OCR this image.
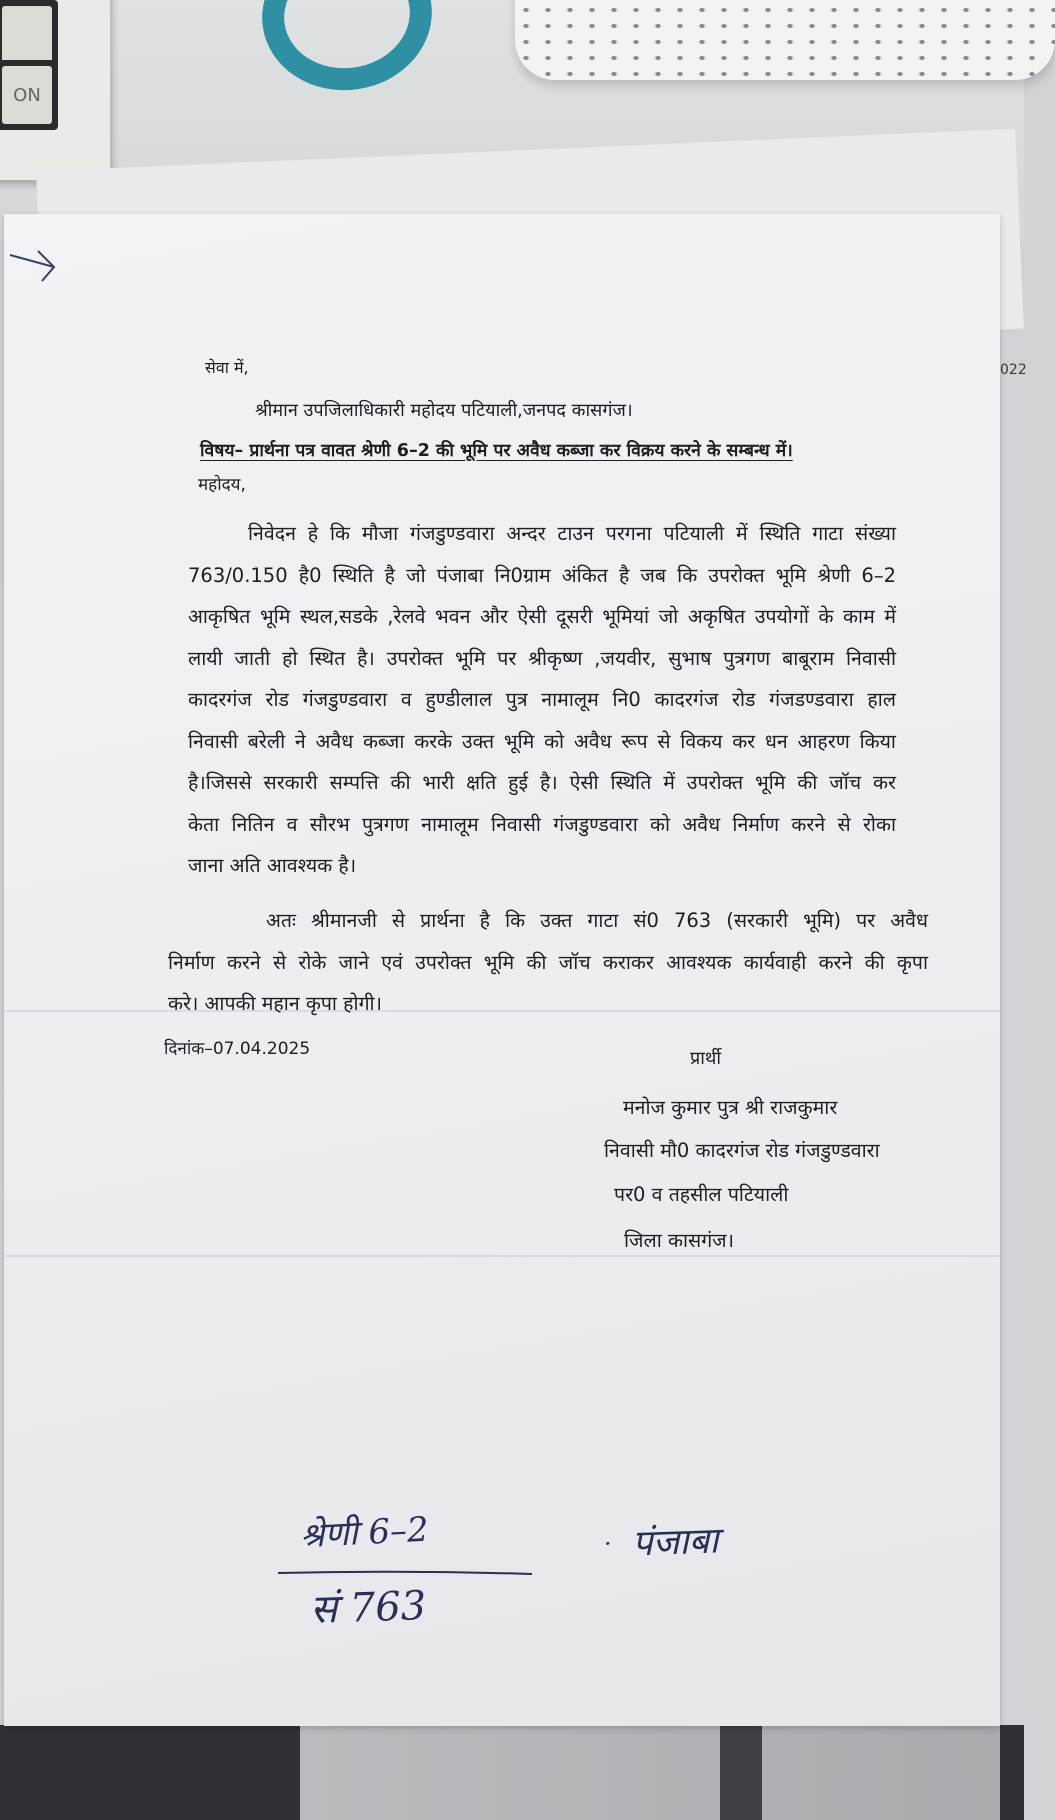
ON
022
सेवा में,
श्रीमान उपजिलाधिकारी महोदय पटियाली,जनपद कासगंज।
विषय– प्रार्थना पत्र वावत श्रेणी 6–2 की भूमि पर अवैध कब्जा कर विक्रय करने के सम्बन्ध में।
महोदय,
निवेदन हे कि मौजा गंजडुण्डवारा अन्दर टाउन परगना पटियाली में स्थिति गाटा संख्या
763/0.150 है0 स्थिति है जो पंजाबा नि0ग्राम अंकित है जब कि उपरोक्त भूमि श्रेणी 6–2
आकृषित भूमि स्थल,सडके ,रेलवे भवन और ऐसी दूसरी भूमियां जो अकृषित उपयोगों के काम में
लायी जाती हो स्थित है। उपरोक्त भूमि पर श्रीकृष्ण ,जयवीर, सुभाष पुत्रगण बाबूराम निवासी
कादरगंज रोड गंजडुण्डवारा व हुण्डीलाल पुत्र नामालूम नि0 कादरगंज रोड गंजडण्डवारा हाल
निवासी बरेली ने अवैध कब्जा करके उक्त भूमि को अवैध रूप से विकय कर धन आहरण किया
है।जिससे सरकारी सम्पत्ति की भारी क्षति हुई है। ऐसी स्थिति में उपरोक्त भूमि की जॉच कर
केता नितिन व सौरभ पुत्रगण नामालूम निवासी गंजडुण्डवारा को अवैध निर्माण करने से रोका
जाना अति आवश्यक है।
अतः श्रीमानजी से प्रार्थना है कि उक्त गाटा सं0 763 (सरकारी भूमि) पर अवैध
निर्माण करने से रोके जाने एवं उपरोक्त भूमि की जॉच कराकर आवश्यक कार्यवाही करने की कृपा
करे। आपकी महान कृपा होगी।
दिनांक–07.04.2025	प्रार्थी
मनोज कुमार पुत्र श्री राजकुमार
निवासी मौ0 कादरगंज रोड गंजडुण्डवारा
पर0 व तहसील पटियाली
जिला कासगंज।
श्रेणी 6–2
सं 763
· पंजाबा
